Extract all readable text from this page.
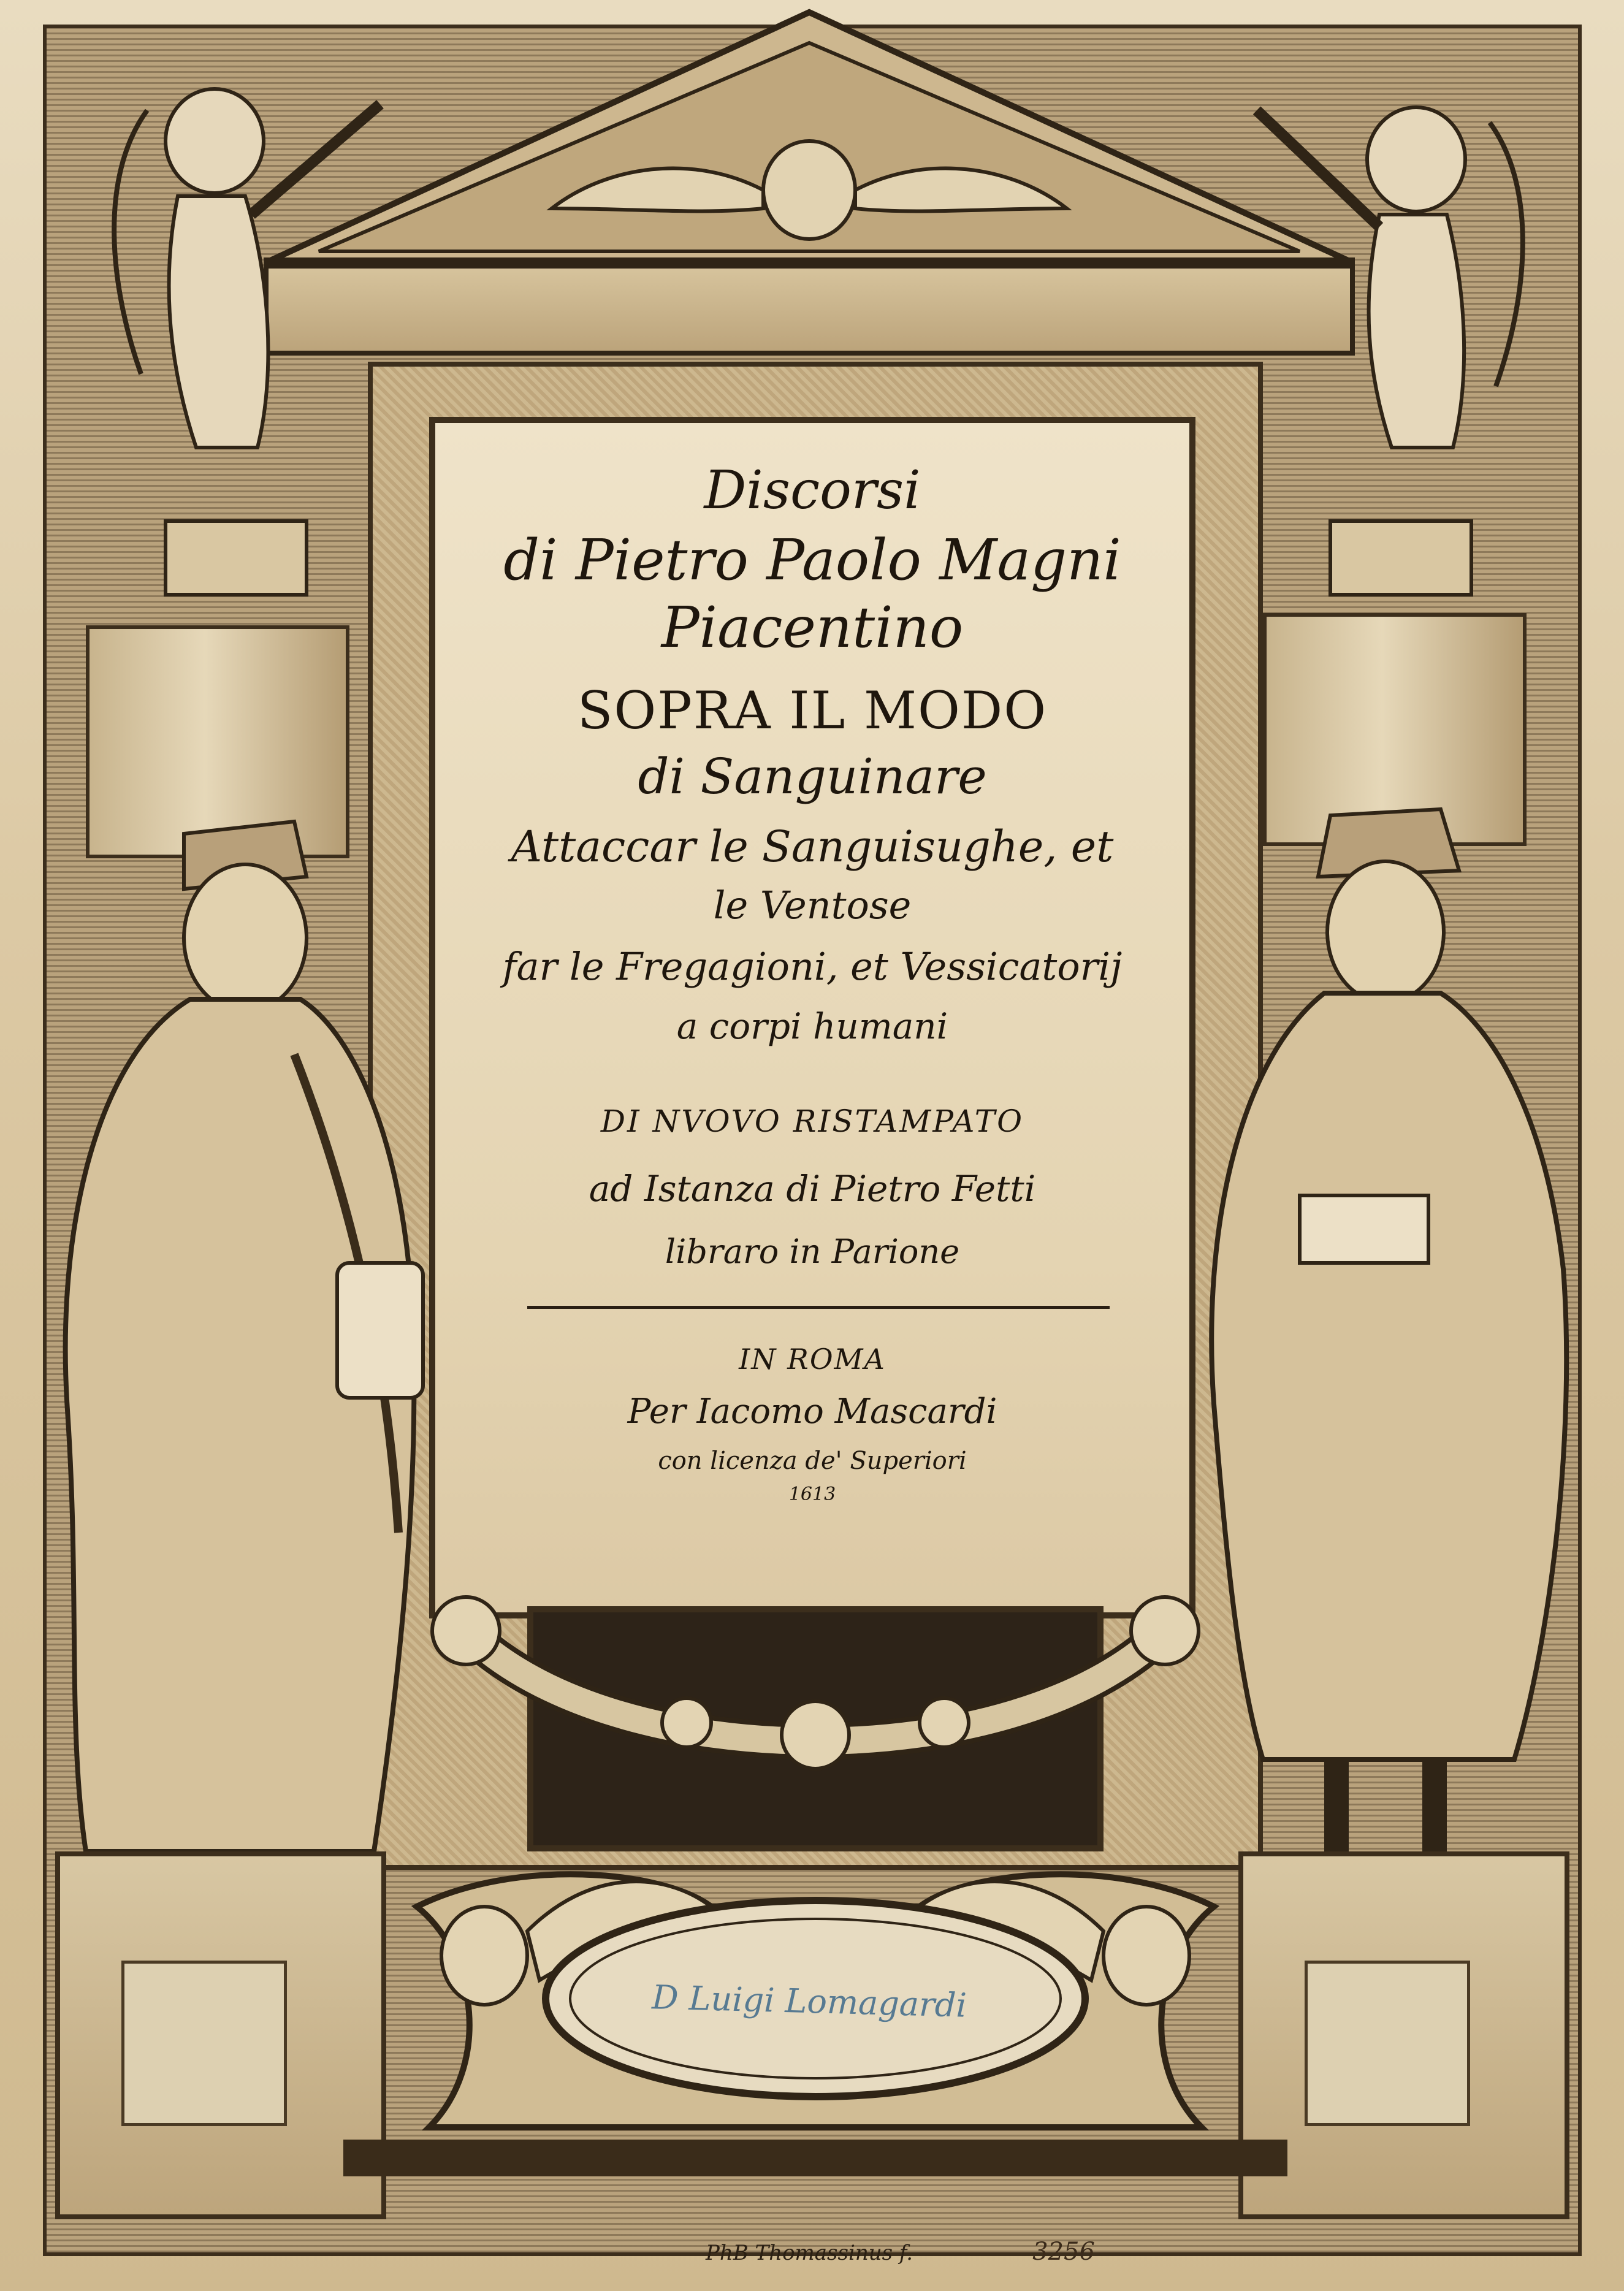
Discorsi
di Pietro Paolo Magni
Piacentino
SOPRA IL MODO
di Sanguinare
Attaccar le Sanguisughe, et
le Ventose
far le Fregagioni, et Vessicatorij
a corpi humani
DI NVOVO RISTAMPATO
ad Istanza di Pietro Fetti
libraro in Parione
IN ROMA
Per Iacomo Mascardi
con licenza de' Superiori
1613
D Luigi Lomagardi
PhB Thomassinus f.	3256
